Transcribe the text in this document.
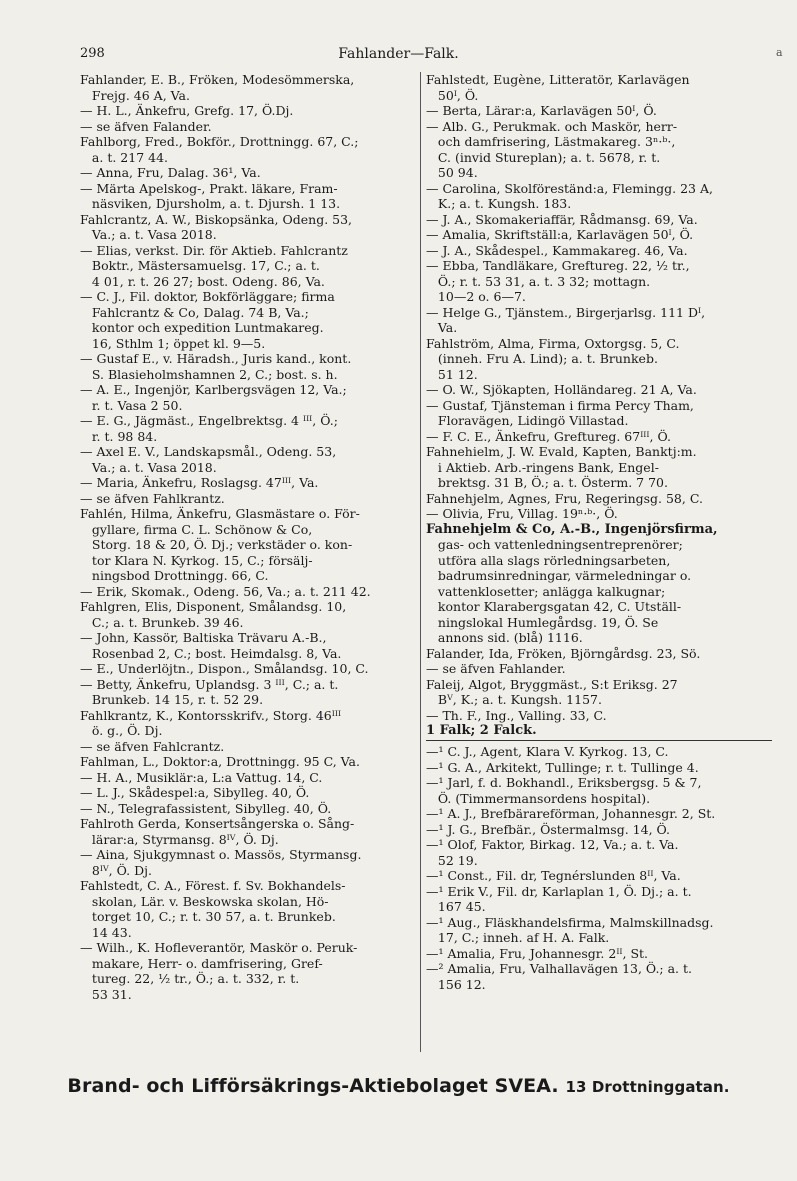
298	Fahlander—Falk.	a
Fahlander, E. B., Fröken, Modesömmerska,
Frejg. 46 A, Va.
— H. L., Änkefru, Grefg. 17, Ö.Dj.
— se äfven Falander.
Fahlborg, Fred., Bokför., Drottningg. 67, C.;
a. t. 217 44.
— Anna, Fru, Dalag. 36¹, Va.
— Märta Apelskog-, Prakt. läkare, Fram-
näsviken, Djursholm, a. t. Djursh. 1 13.
Fahlcrantz, A. W., Biskopsänka, Odeng. 53,
Va.; a. t. Vasa 2018.
— Elias, verkst. Dir. för Aktieb. Fahlcrantz
Boktr., Mästersamuelsg. 17, C.; a. t.
4 01, r. t. 26 27; bost. Odeng. 86, Va.
— C. J., Fil. doktor, Bokförläggare; firma
Fahlcrantz & Co, Dalag. 74 B, Va.;
kontor och expedition Luntmakareg.
16, Sthlm 1; öppet kl. 9—5.
— Gustaf E., v. Häradsh., Juris kand., kont.
S. Blasieholmshamnen 2, C.; bost. s. h.
— A. E., Ingenjör, Karlbergsvägen 12, Va.;
r. t. Vasa 2 50.
— E. G., Jägmäst., Engelbrektsg. 4 ᴵᴵᴵ, Ö.;
r. t. 98 84.
— Axel E. V., Landskapsmål., Odeng. 53,
Va.; a. t. Vasa 2018.
— Maria, Änkefru, Roslagsg. 47ᴵᴵᴵ, Va.
— se äfven Fahlkrantz.
Fahlén, Hilma, Änkefru, Glasmästare o. För-
gyllare, firma C. L. Schönow & Co,
Storg. 18 & 20, Ö. Dj.; verkstäder o. kon-
tor Klara N. Kyrkog. 15, C.; försälj-
ningsbod Drottningg. 66, C.
— Erik, Skomak., Odeng. 56, Va.; a. t. 211 42.
Fahlgren, Elis, Disponent, Smålandsg. 10,
C.; a. t. Brunkeb. 39 46.
— John, Kassör, Baltiska Trävaru A.-B.,
Rosenbad 2, C.; bost. Heimdalsg. 8, Va.
— E., Underlöjtn., Dispon., Smålandsg. 10, C.
— Betty, Änkefru, Uplandsg. 3 ᴵᴵᴵ, C.; a. t.
Brunkeb. 14 15, r. t. 52 29.
Fahlkrantz, K., Kontorsskrifv., Storg. 46ᴵᴵᴵ
ö. g., Ö. Dj.
— se äfven Fahlcrantz.
Fahlman, L., Doktor:a, Drottningg. 95 C, Va.
— H. A., Musiklär:a, L:a Vattug. 14, C.
— L. J., Skådespel:a, Sibylleg. 40, Ö.
— N., Telegrafassistent, Sibylleg. 40, Ö.
Fahlroth Gerda, Konsertsångerska o. Sång-
lärar:a, Styrmansg. 8ᴵⱽ, Ö. Dj.
— Aina, Sjukgymnast o. Massös, Styrmansg.
8ᴵⱽ, Ö. Dj.
Fahlstedt, C. A., Förest. f. Sv. Bokhandels-
skolan, Lär. v. Beskowska skolan, Hö-
torget 10, C.; r. t. 30 57, a. t. Brunkeb.
14 43.
— Wilh., K. Hofleverantör, Maskör o. Peruk-
makare, Herr- o. damfrisering, Gref-
tureg. 22, ½ tr., Ö.; a. t. 332, r. t.
53 31.
Fahlstedt, Eugène, Litteratör, Karlavägen
50ᴵ, Ö.
— Berta, Lärar:a, Karlavägen 50ᴵ, Ö.
— Alb. G., Perukmak. och Maskör, herr-
och damfrisering, Lästmakareg. 3ⁿ·ᵇ·,
C. (invid Stureplan); a. t. 5678, r. t.
50 94.
— Carolina, Skolföreständ:a, Flemingg. 23 A,
K.; a. t. Kungsh. 183.
— J. A., Skomakeriaffär, Rådmansg. 69, Va.
— Amalia, Skriftställ:a, Karlavägen 50ᴵ, Ö.
— J. A., Skådespel., Kammakareg. 46, Va.
— Ebba, Tandläkare, Greftureg. 22, ½ tr.,
Ö.; r. t. 53 31, a. t. 3 32; mottagn.
10—2 o. 6—7.
— Helge G., Tjänstem., Birgerjarlsg. 111 Dᴵ,
Va.
Fahlström, Alma, Firma, Oxtorgsg. 5, C.
(inneh. Fru A. Lind); a. t. Brunkeb.
51 12.
— O. W., Sjökapten, Holländareg. 21 A, Va.
— Gustaf, Tjänsteman i firma Percy Tham,
Floravägen, Lidingö Villastad.
— F. C. E., Änkefru, Greftureg. 67ᴵᴵᴵ, Ö.
Fahnehielm, J. W. Evald, Kapten, Banktj:m.
i Aktieb. Arb.-ringens Bank, Engel-
brektsg. 31 B, Ö.; a. t. Österm. 7 70.
Fahnehjelm, Agnes, Fru, Regeringsg. 58, C.
— Olivia, Fru, Villag. 19ⁿ·ᵇ·, Ö.
Fahnehjelm & Co, A.-B., Ingenjörsfirma,
gas- och vattenledningsentreprenörer;
utföra alla slags rörledningsarbeten,
badrumsinredningar, värmeledningar o.
vattenklosetter; anlägga kalkugnar;
kontor Klarabergsgatan 42, C. Utställ-
ningslokal Humlegårdsg. 19, Ö. Se
annons sid. (blå) 1116.
Falander, Ida, Fröken, Björngårdsg. 23, Sö.
— se äfven Fahlander.
Faleij, Algot, Bryggmäst., S:t Eriksg. 27
Bⱽ, K.; a. t. Kungsh. 1157.
— Th. F., Ing., Valling. 33, C.
1 Falk; 2 Falck.
—¹ C. J., Agent, Klara V. Kyrkog. 13, C.
—¹ G. A., Arkitekt, Tullinge; r. t. Tullinge 4.
—¹ Jarl, f. d. Bokhandl., Eriksbergsg. 5 & 7,
Ö. (Timmermansordens hospital).
—¹ A. J., Brefbärareförman, Johannesgr. 2, St.
—¹ J. G., Brefbär., Östermalmsg. 14, Ö.
—¹ Olof, Faktor, Birkag. 12, Va.; a. t. Va.
52 19.
—¹ Const., Fil. dr, Tegnérslunden 8ᴵᴵ, Va.
—¹ Erik V., Fil. dr, Karlaplan 1, Ö. Dj.; a. t.
167 45.
—¹ Aug., Fläskhandelsfirma, Malmskillnadsg.
17, C.; inneh. af H. A. Falk.
—¹ Amalia, Fru, Johannesgr. 2ᴵᴵ, St.
—² Amalia, Fru, Valhallavägen 13, Ö.; a. t.
156 12.
Brand- och Lifförsäkrings-Aktiebolaget SVEA. 13 Drottninggatan.
